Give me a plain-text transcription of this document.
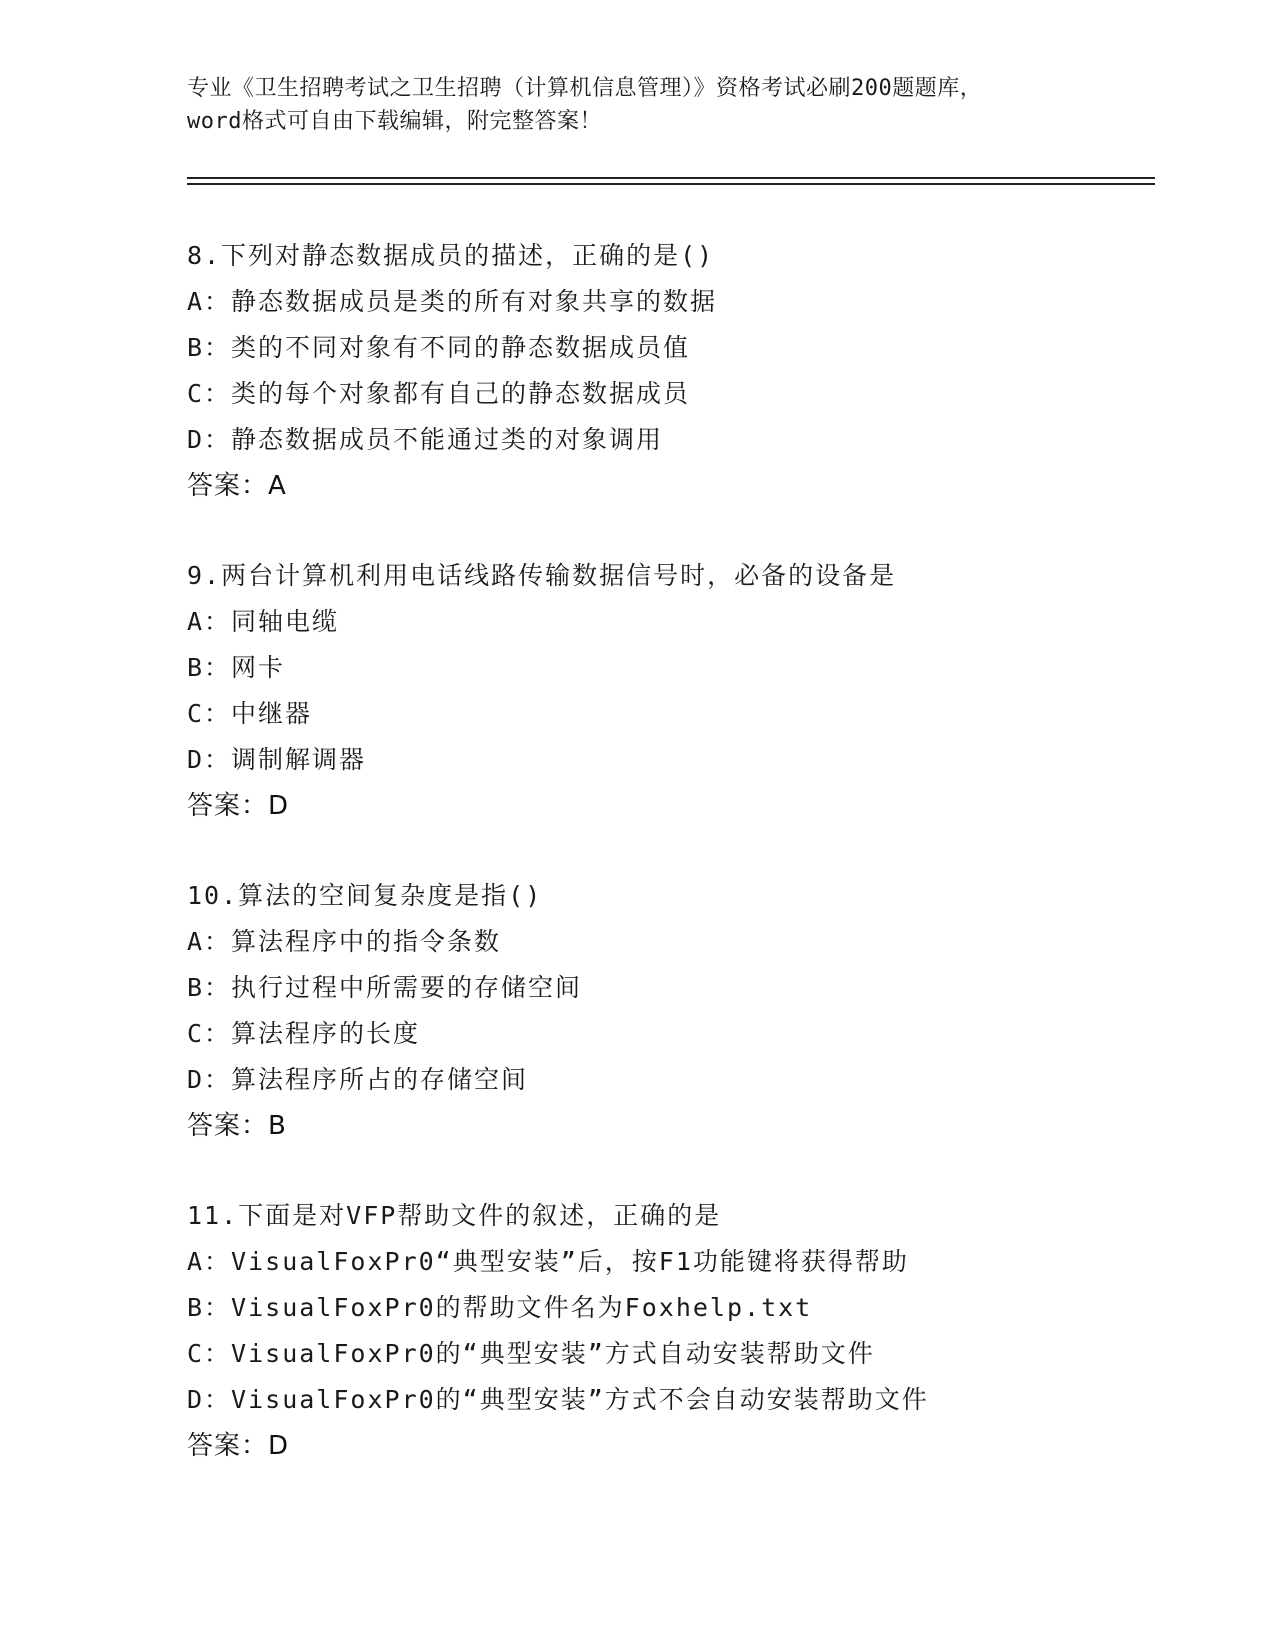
专业《卫生招聘考试之卫生招聘（计算机信息管理）》资格考试必刷200题题库，
word格式可自由下载编辑，附完整答案！
8.下列对静态数据成员的描述，正确的是()
A：静态数据成员是类的所有对象共享的数据
B：类的不同对象有不同的静态数据成员值
C：类的每个对象都有自己的静态数据成员
D：静态数据成员不能通过类的对象调用
答案：A
9.两台计算机利用电话线路传输数据信号时，必备的设备是
A：同轴电缆
B：网卡
C：中继器
D：调制解调器
答案：D
10.算法的空间复杂度是指()
A：算法程序中的指令条数
B：执行过程中所需要的存储空间
C：算法程序的长度
D：算法程序所占的存储空间
答案：B
11.下面是对VFP帮助文件的叙述，正确的是
A：VisualFoxPr0“典型安装”后，按F1功能键将获得帮助
B：VisualFoxPr0的帮助文件名为Foxhelp.txt
C：VisualFoxPr0的“典型安装”方式自动安装帮助文件
D：VisualFoxPr0的“典型安装”方式不会自动安装帮助文件
答案：D
